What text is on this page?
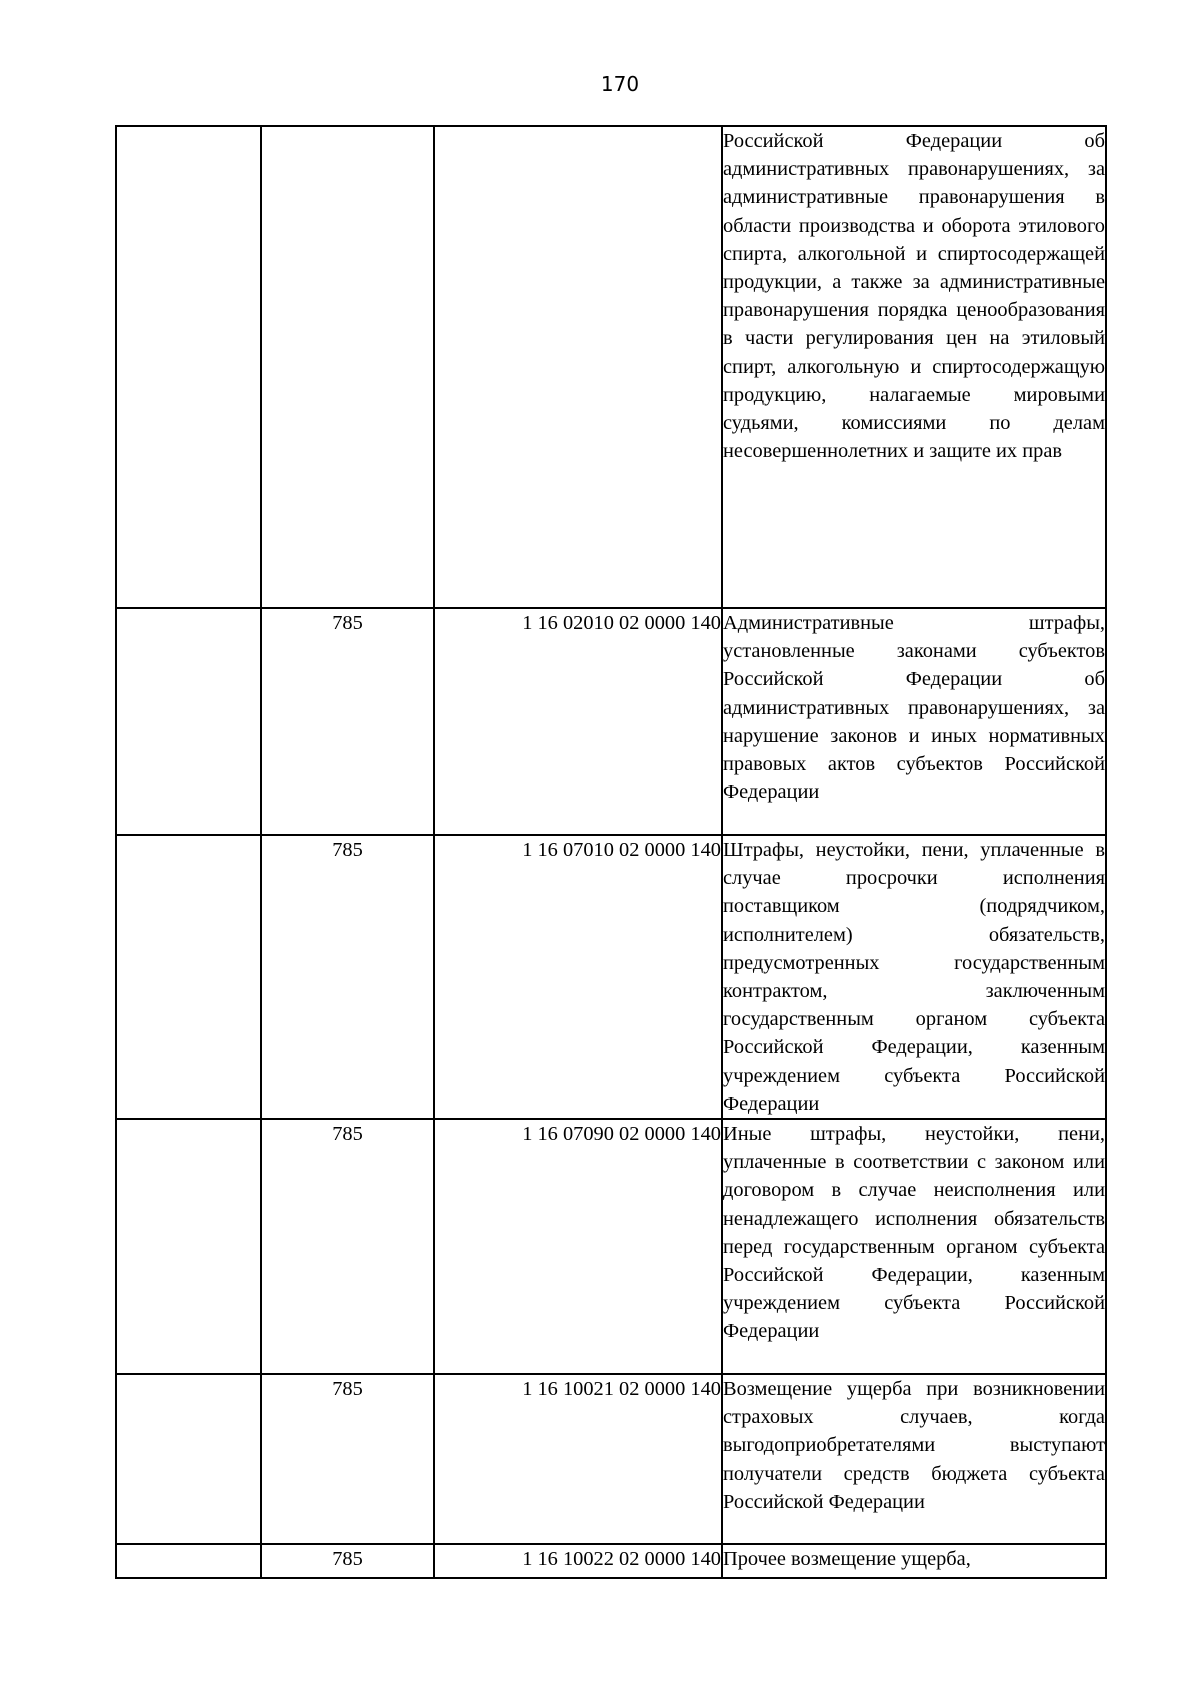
170
			Российской Федерации об административных правонарушениях, за административные правонарушения в области производства и оборота этилового спирта, алкогольной и спиртосодержащей продукции, а также за административные правонарушения порядка ценообразования в части регулирования цен на этиловый спирт, алкогольную и спиртосодержащую продукцию, налагаемые мировыми судьями, комиссиями по делам несовершеннолетних и защите их прав
	785	1 16 02010 02 0000 140	Административные штрафы, установленные законами субъектов Российской Федерации об административных правонарушениях, за нарушение законов и иных нормативных правовых актов субъектов Российской Федерации
	785	1 16 07010 02 0000 140	Штрафы, неустойки, пени, уплаченные в случае просрочки исполнения поставщиком (подрядчиком, исполнителем) обязательств, предусмотренных государственным контрактом, заключенным государственным органом субъекта Российской Федерации, казенным учреждением субъекта Российской Федерации
	785	1 16 07090 02 0000 140	Иные штрафы, неустойки, пени, уплаченные в соответствии с законом или договором в случае неисполнения или ненадлежащего исполнения обязательств перед государственным органом субъекта Российской Федерации, казенным учреждением субъекта Российской Федерации
	785	1 16 10021 02 0000 140	Возмещение ущерба при возникновении страховых случаев, когда выгодоприобретателями выступают получатели средств бюджета субъекта Российской Федерации
	785	1 16 10022 02 0000 140	Прочее возмещение ущерба,
